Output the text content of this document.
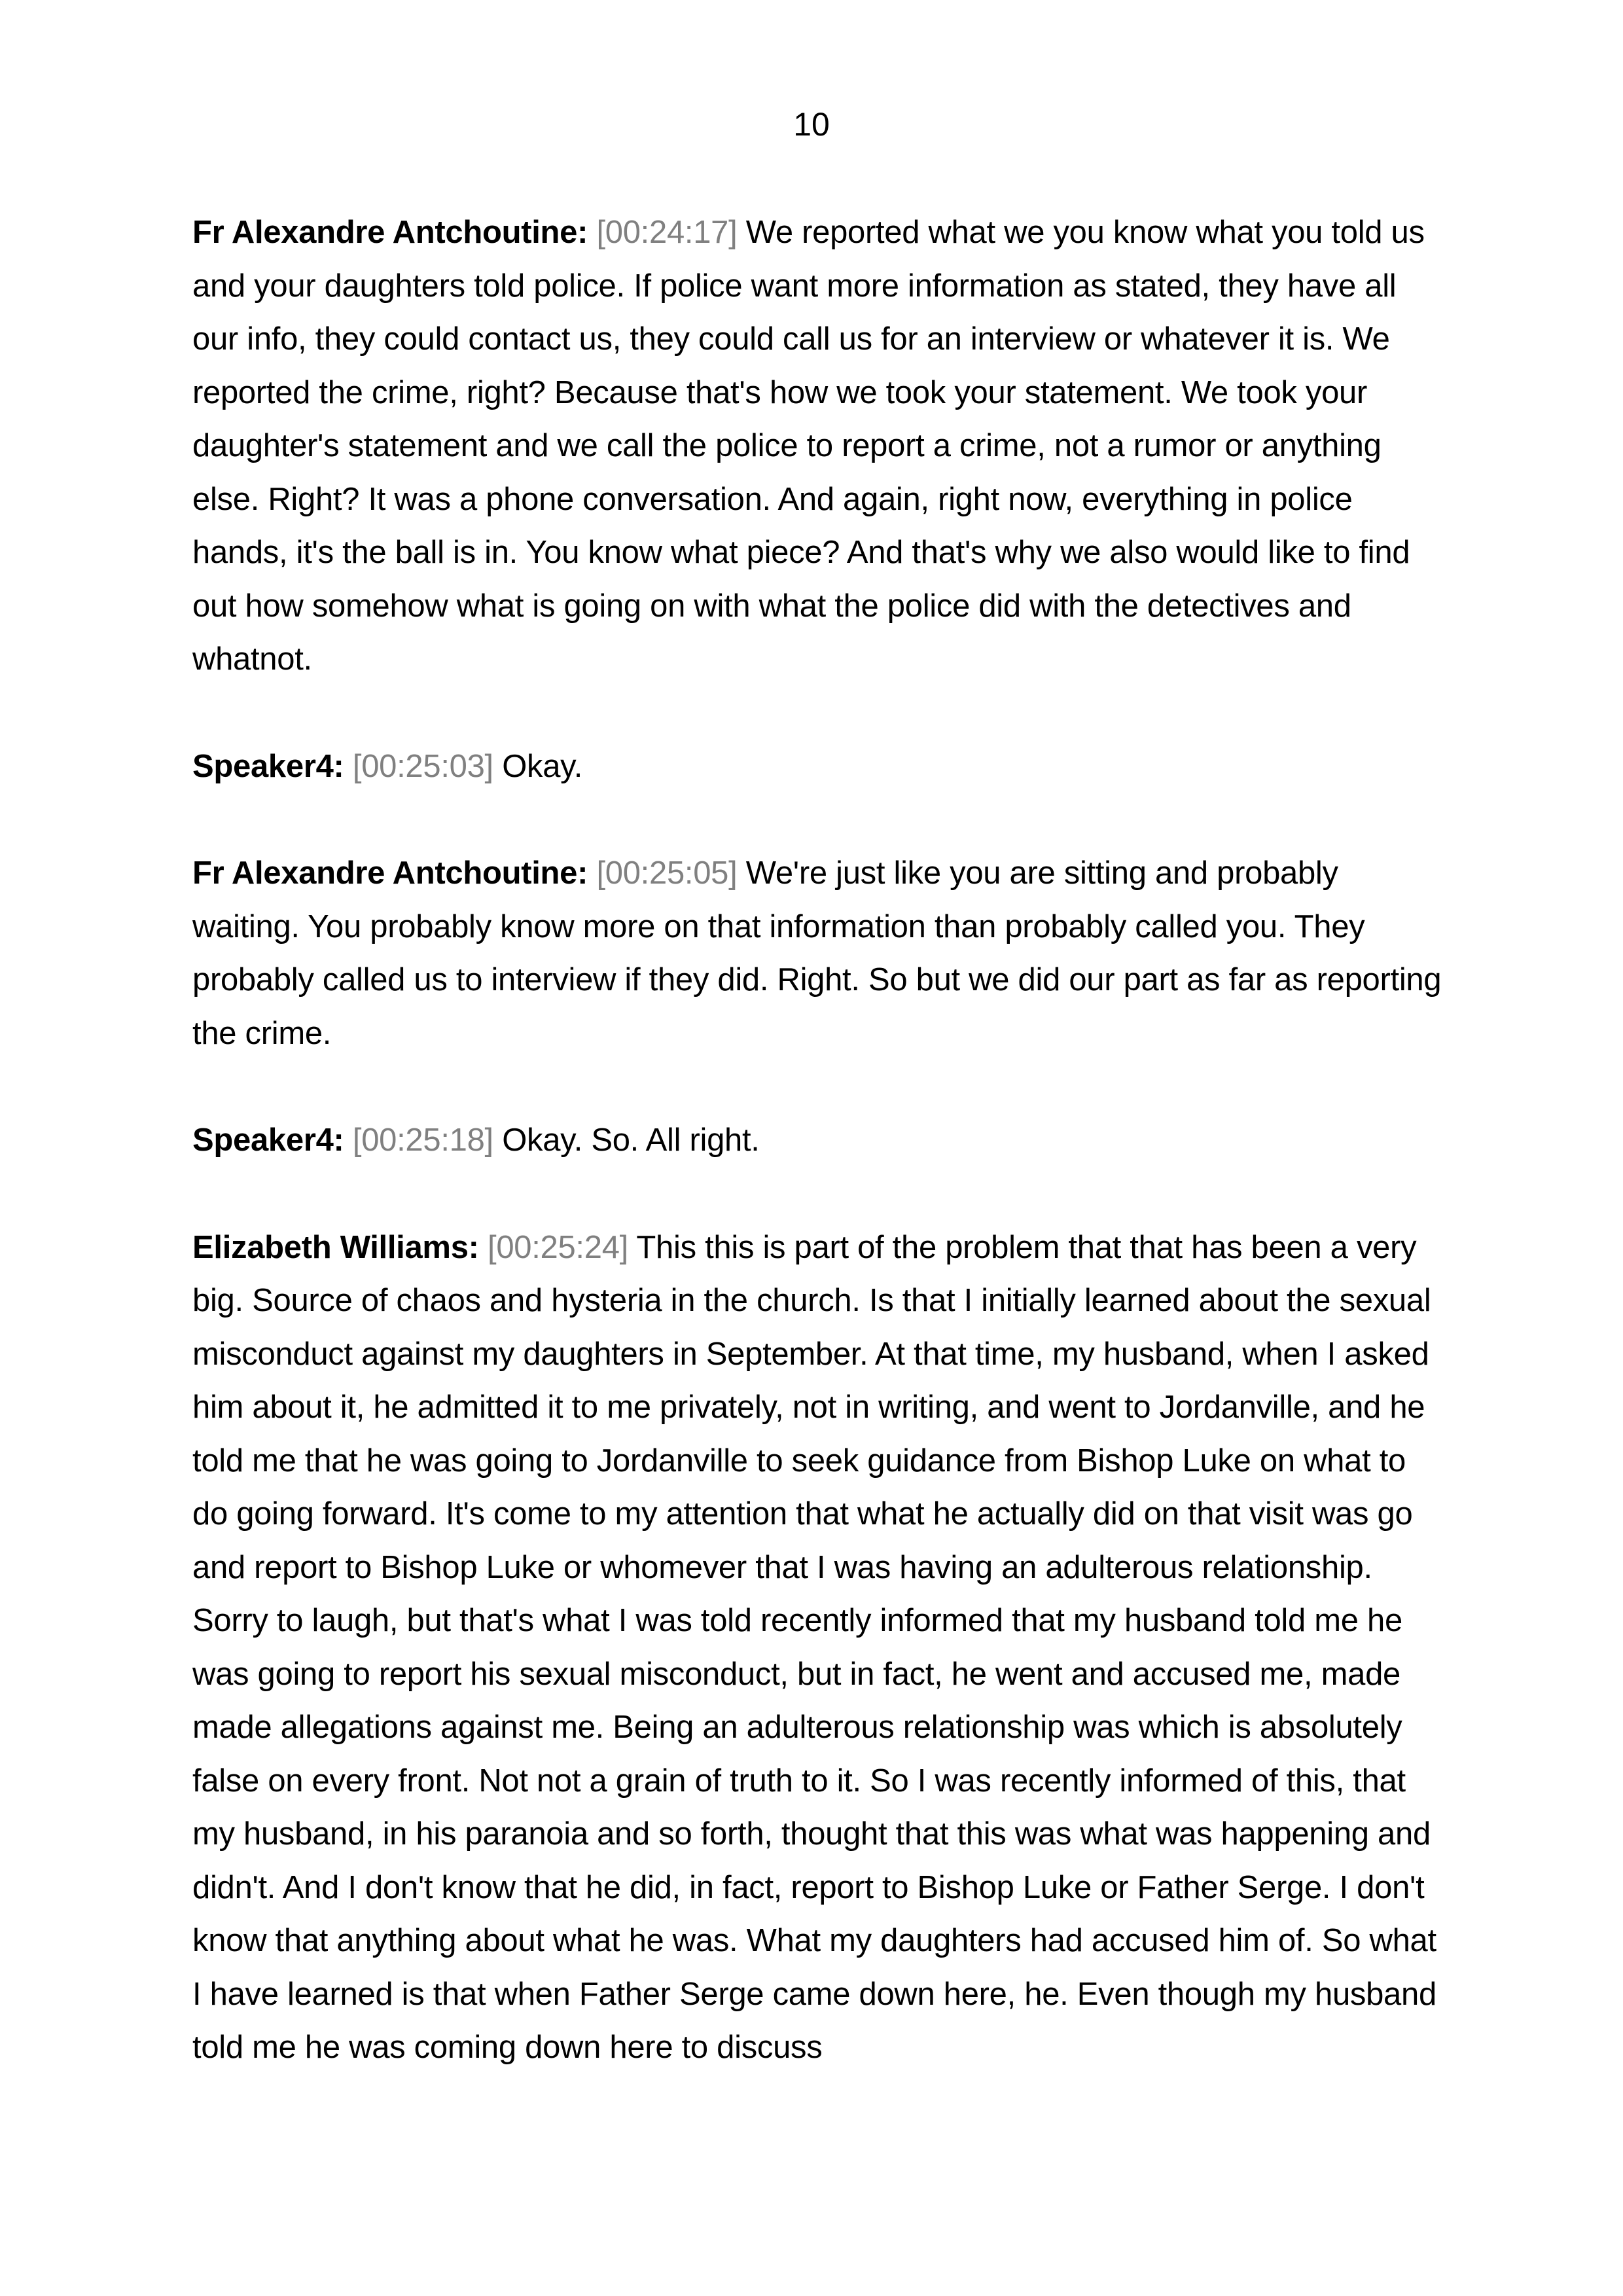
10

Fr Alexandre Antchoutine: [00:24:17] We reported what we you know what you told us and your daughters told police. If police want more information as stated, they have all our info, they could contact us, they could call us for an interview or whatever it is. We reported the crime, right? Because that's how we took your statement. We took your daughter's statement and we call the police to report a crime, not a rumor or anything else. Right? It was a phone conversation. And again, right now, everything in police hands, it's the ball is in. You know what piece? And that's why we also would like to find out how somehow what is going on with what the police did with the detectives and whatnot.

Speaker4: [00:25:03] Okay.

Fr Alexandre Antchoutine: [00:25:05] We're just like you are sitting and probably waiting. You probably know more on that information than probably called you. They probably called us to interview if they did. Right. So but we did our part as far as reporting the crime.

Speaker4: [00:25:18] Okay. So. All right.

Elizabeth Williams: [00:25:24] This this is part of the problem that that has been a very big. Source of chaos and hysteria in the church. Is that I initially learned about the sexual misconduct against my daughters in September. At that time, my husband, when I asked him about it, he admitted it to me privately, not in writing, and went to Jordanville, and he told me that he was going to Jordanville to seek guidance from Bishop Luke on what to do going forward. It's come to my attention that what he actually did on that visit was go and report to Bishop Luke or whomever that I was having an adulterous relationship. Sorry to laugh, but that's what I was told recently informed that my husband told me he was going to report his sexual misconduct, but in fact, he went and accused me, made made allegations against me. Being an adulterous relationship was which is absolutely false on every front. Not not a grain of truth to it. So I was recently informed of this, that my husband, in his paranoia and so forth, thought that this was what was happening and didn't. And I don't know that he did, in fact, report to Bishop Luke or Father Serge. I don't know that anything about what he was. What my daughters had accused him of. So what I have learned is that when Father Serge came down here, he. Even though my husband told me he was coming down here to discuss
